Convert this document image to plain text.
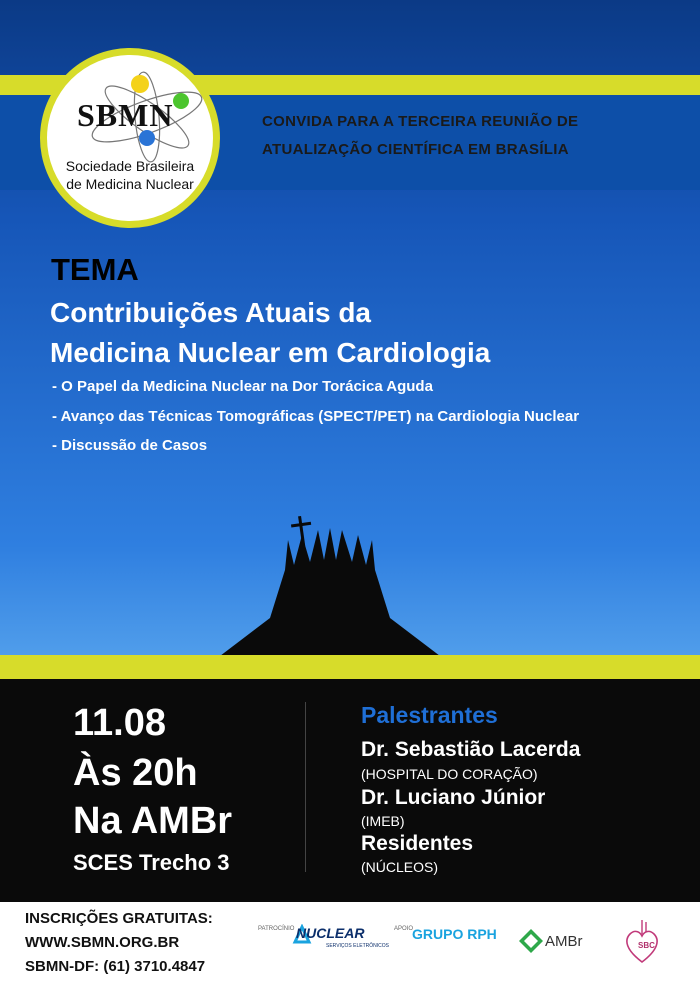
SBMN
Sociedade Brasileira
de Medicina Nuclear
CONVIDA PARA A TERCEIRA REUNIÃO DE
ATUALIZAÇÃO CIENTÍFICA EM BRASÍLIA
TEMA
Contribuições Atuais da
Medicina Nuclear em Cardiologia
- O Papel da Medicina Nuclear na Dor Torácica Aguda
- Avanço das Técnicas Tomográficas (SPECT/PET) na Cardiologia Nuclear
- Discussão de Casos
11.08
Às 20h
Na AMBr
SCES Trecho 3
Palestrantes
Dr. Sebastião Lacerda
(HOSPITAL DO CORAÇÃO)
Dr. Luciano Júnior
(IMEB)
Residentes
(NÚCLEOS)
INSCRIÇÕES GRATUITAS:
WWW.SBMN.ORG.BR
SBMN-DF: (61) 3710.4847
PATROCÍNIO NUCLEAR
SERVIÇOS ELETRÔNICOS
APOIO
GRUPO RPH	AMBr	SBC
